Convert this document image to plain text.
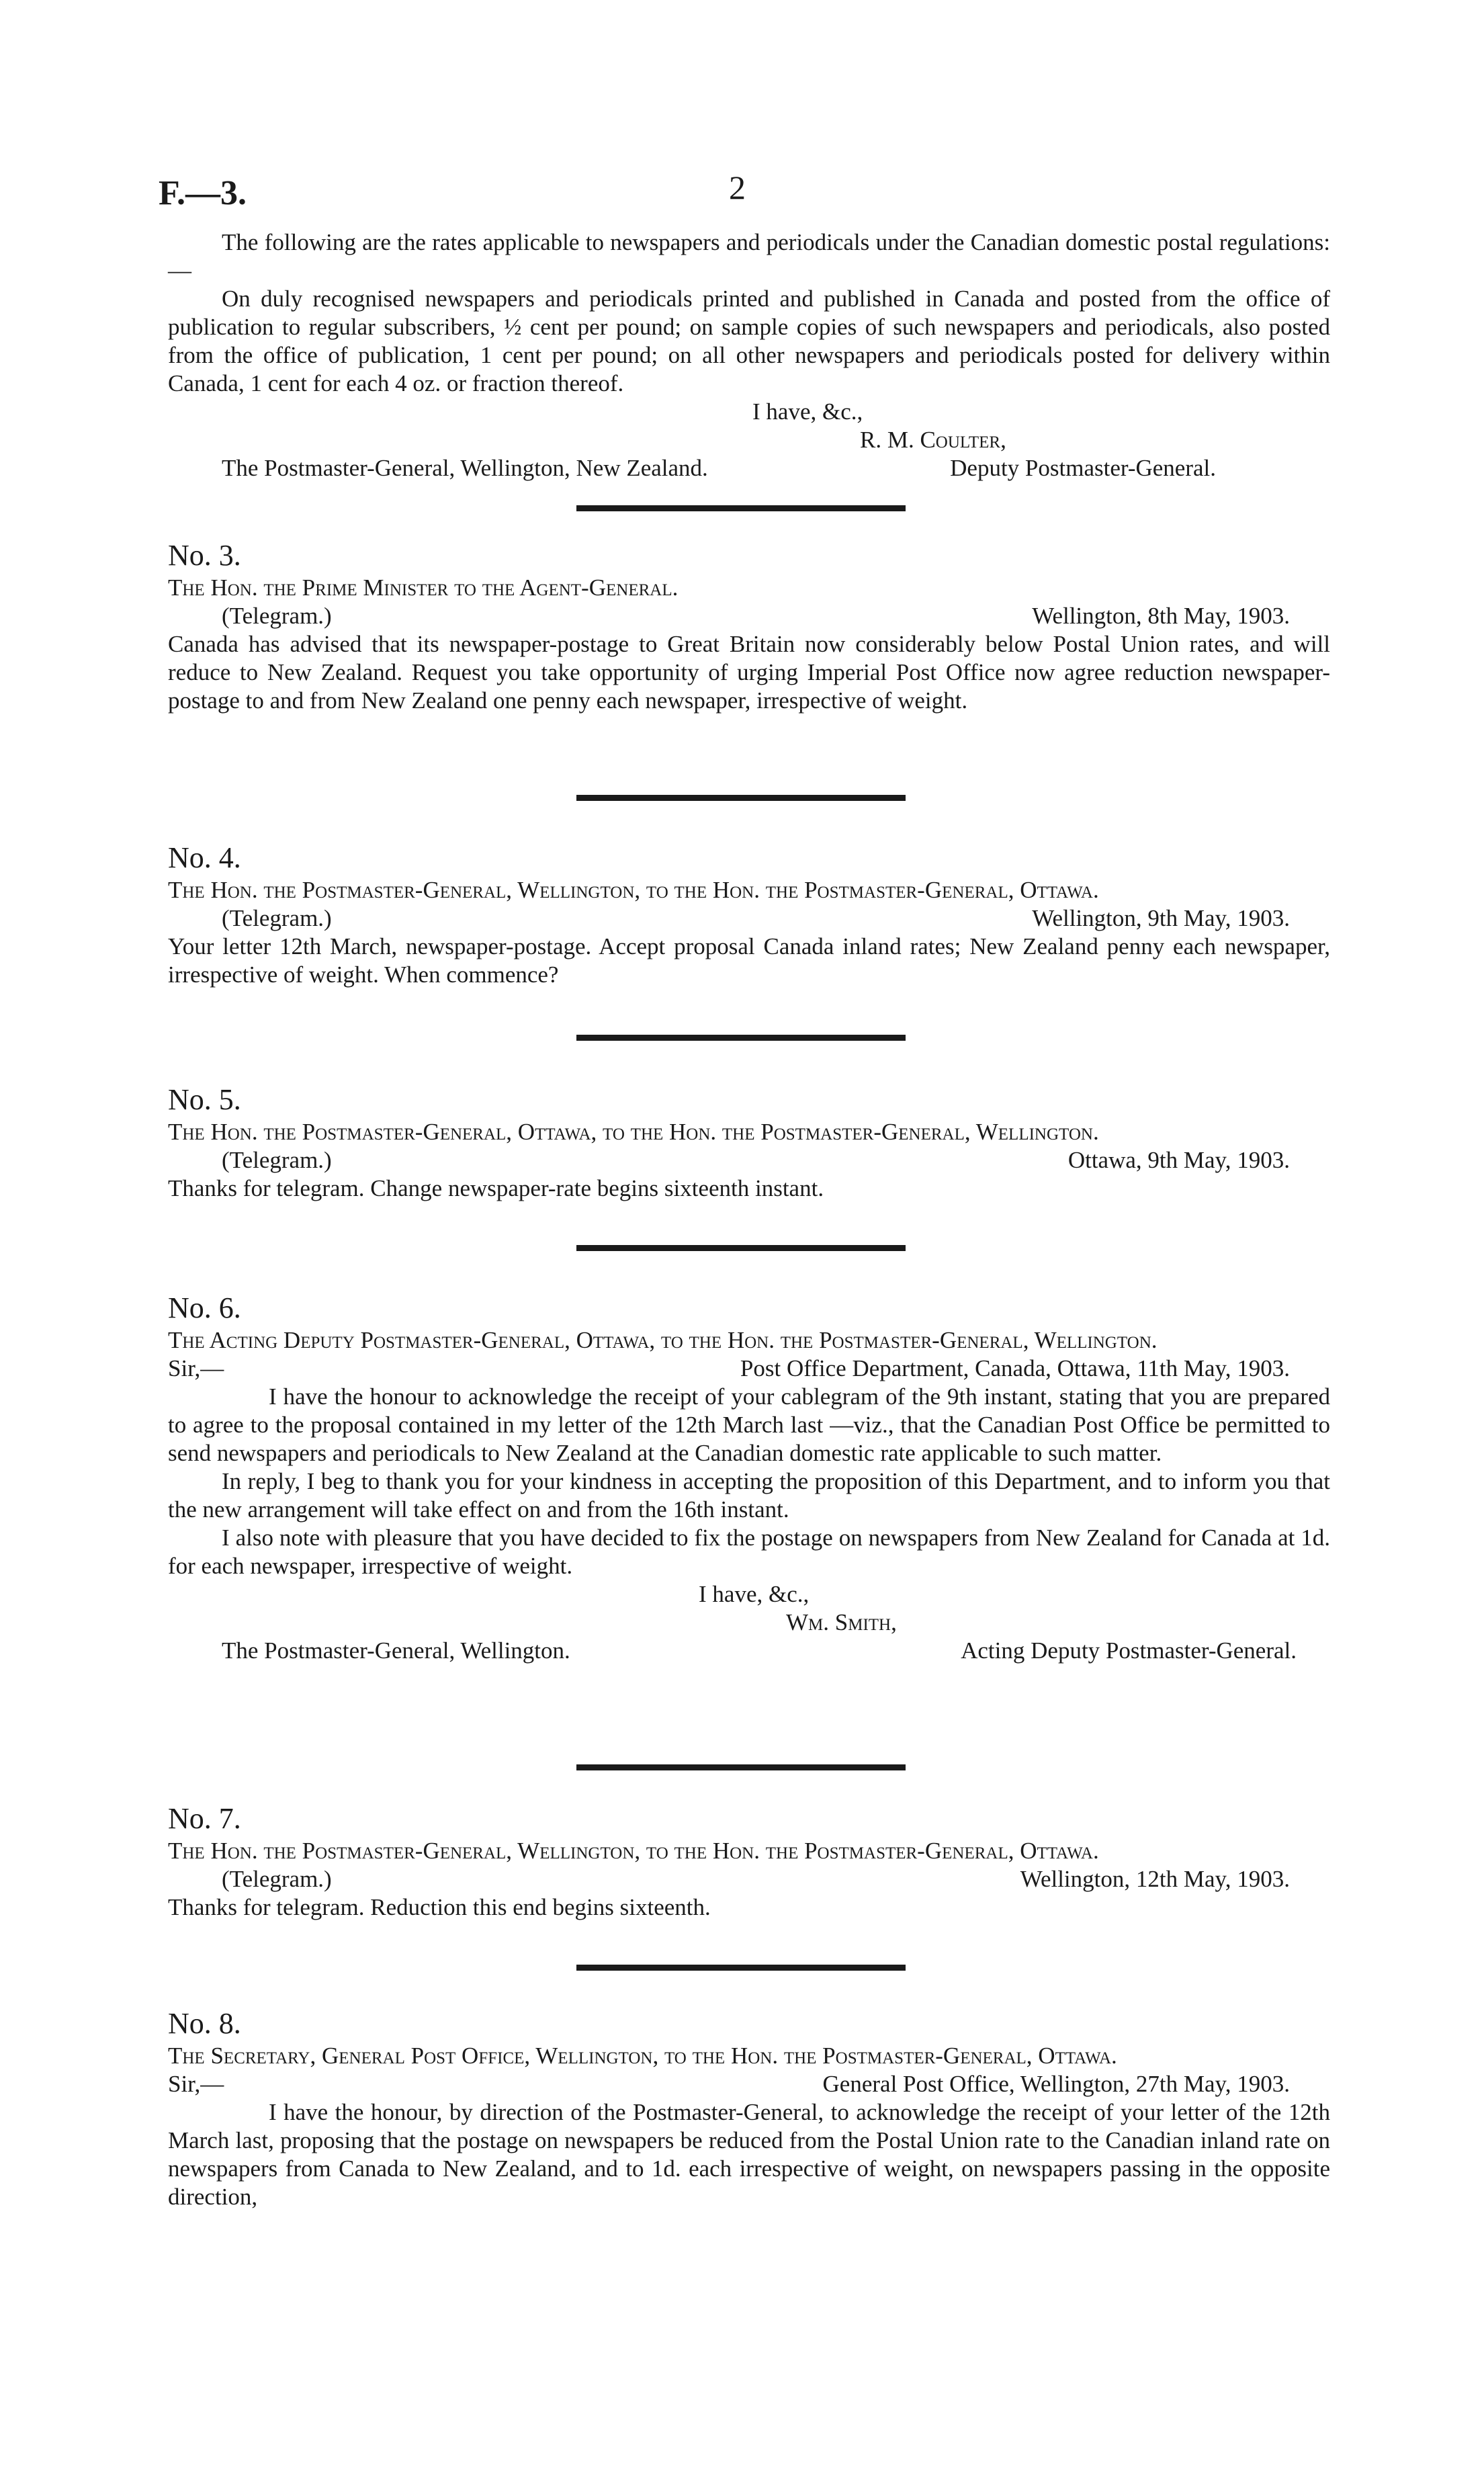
F.—3.	2

The following are the rates applicable to newspapers and periodicals under the Canadian domestic postal regulations:—

On duly recognised newspapers and periodicals printed and published in Canada and posted from the office of publication to regular subscribers, ½ cent per pound; on sample copies of such newspapers and periodicals, also posted from the office of publication, 1 cent per pound; on all other newspapers and periodicals posted for delivery within Canada, 1 cent for each 4 oz. or fraction thereof.

I have, &c.,
R. M. Coulter,
The Postmaster-General, Wellington, New Zealand.	Deputy Postmaster-General.

No. 3.

The Hon. the Prime Minister to the Agent-General.

(Telegram.)	Wellington, 8th May, 1903.

Canada has advised that its newspaper-postage to Great Britain now considerably below Postal Union rates, and will reduce to New Zealand. Request you take opportunity of urging Imperial Post Office now agree reduction newspaper-postage to and from New Zealand one penny each newspaper, irrespective of weight.

No. 4.

The Hon. the Postmaster-General, Wellington, to the Hon. the Postmaster-General, Ottawa.

(Telegram.)	Wellington, 9th May, 1903.

Your letter 12th March, newspaper-postage. Accept proposal Canada inland rates; New Zealand penny each newspaper, irrespective of weight. When commence?

No. 5.

The Hon. the Postmaster-General, Ottawa, to the Hon. the Postmaster-General, Wellington.

(Telegram.)	Ottawa, 9th May, 1903.

Thanks for telegram. Change newspaper-rate begins sixteenth instant.

No. 6.

The Acting Deputy Postmaster-General, Ottawa, to the Hon. the Postmaster-General, Wellington.

Sir,—	Post Office Department, Canada, Ottawa, 11th May, 1903.

I have the honour to acknowledge the receipt of your cablegram of the 9th instant, stating that you are prepared to agree to the proposal contained in my letter of the 12th March last —viz., that the Canadian Post Office be permitted to send newspapers and periodicals to New Zealand at the Canadian domestic rate applicable to such matter.

In reply, I beg to thank you for your kindness in accepting the proposition of this Department, and to inform you that the new arrangement will take effect on and from the 16th instant.

I also note with pleasure that you have decided to fix the postage on newspapers from New Zealand for Canada at 1d. for each newspaper, irrespective of weight.

I have, &c.,
Wm. Smith,
The Postmaster-General, Wellington.	Acting Deputy Postmaster-General.

No. 7.

The Hon. the Postmaster-General, Wellington, to the Hon. the Postmaster-General, Ottawa.

(Telegram.)	Wellington, 12th May, 1903.

Thanks for telegram. Reduction this end begins sixteenth.

No. 8.

The Secretary, General Post Office, Wellington, to the Hon. the Postmaster-General, Ottawa.

Sir,—	General Post Office, Wellington, 27th May, 1903.

I have the honour, by direction of the Postmaster-General, to acknowledge the receipt of your letter of the 12th March last, proposing that the postage on newspapers be reduced from the Postal Union rate to the Canadian inland rate on newspapers from Canada to New Zealand, and to 1d. each irrespective of weight, on newspapers passing in the opposite direction,
